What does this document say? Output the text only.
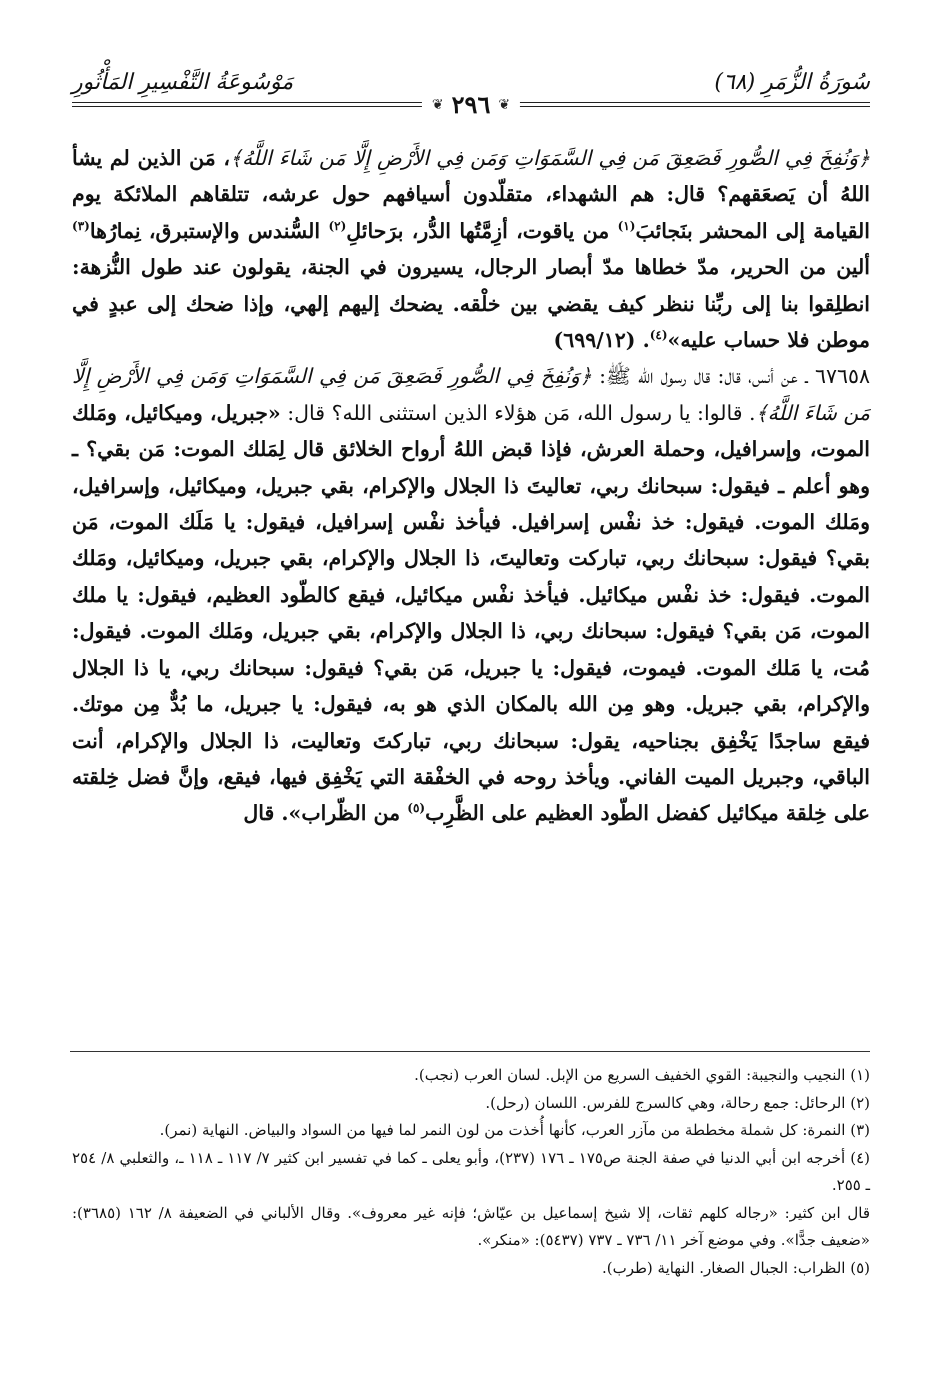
سُورَةُ الزُّمَرِ (٦٨)
مَوْسُوعَةُ التَّفْسِيرِ المَأْثُورِ
❦
٢٩٦
❦

﴿وَنُفِخَ فِي الصُّورِ فَصَعِقَ مَن فِي السَّمَوَاتِ وَمَن فِي الأَرْضِ إِلَّا مَن شَاءَ اللَّهُ﴾، مَن الذين لم يشأ اللهُ أن يَصعَقهم؟ قال: هم الشهداء، متقلّدون أسيافهم حول عرشه، تتلقاهم الملائكة يوم القيامة إلى المحشر بنَجائبَ$^{(١)}$ من ياقوت، أزِمَّتُها الدُّر، برَحائلِ$^{(٢)}$ السُّندس والإستبرق، نِمارُها$^{(٣)}$ ألين من الحرير، مدّ خطاها مدّ أبصار الرجال، يسيرون في الجنة، يقولون عند طول النُّزهة: انطلِقوا بنا إلى ربِّنا ننظر كيف يقضي بين خلْقه. يضحك إليهم إلهي، وإذا ضحك إلى عبدٍ في موطن فلا حساب عليه»$^{(٤)}$. (٦٩٩/١٢)

٦٧٦٥٨ ـ عن أنس، قال: قال رسول الله ﷺ: ﴿وَنُفِخَ فِي الصُّورِ فَصَعِقَ مَن فِي السَّمَوَاتِ وَمَن فِي الأَرْضِ إِلَّا مَن شَاءَ اللَّهُ﴾. قالوا: يا رسول الله، مَن هؤلاء الذين استثنى الله؟ قال: «جبريل، وميكائيل، ومَلك الموت، وإسرافيل، وحملة العرش، فإذا قبض اللهُ أرواح الخلائق قال لِمَلك الموت: مَن بقي؟ ـ وهو أعلم ـ فيقول: سبحانك ربي، تعاليتَ ذا الجلال والإكرام، بقي جبريل، وميكائيل، وإسرافيل، ومَلك الموت. فيقول: خذ نفْس إسرافيل. فيأخذ نفْس إسرافيل، فيقول: يا مَلَك الموت، مَن بقي؟ فيقول: سبحانك ربي، تباركت وتعاليتَ، ذا الجلال والإكرام، بقي جبريل، وميكائيل، ومَلك الموت. فيقول: خذ نفْس ميكائيل. فيأخذ نفْس ميكائيل، فيقع كالطّود العظيم، فيقول: يا ملك الموت، مَن بقي؟ فيقول: سبحانك ربي، ذا الجلال والإكرام، بقي جبريل، ومَلك الموت. فيقول: مُت، يا مَلك الموت. فيموت، فيقول: يا جبريل، مَن بقي؟ فيقول: سبحانك ربي، يا ذا الجلال والإكرام، بقي جبريل. وهو مِن الله بالمكان الذي هو به، فيقول: يا جبريل، ما بُدٌّ مِن موتك. فيقع ساجدًا يَخْفِق بجناحيه، يقول: سبحانك ربي، تباركتَ وتعاليت، ذا الجلال والإكرام، أنت الباقي، وجبريل الميت الفاني. ويأخذ روحه في الخفْقة التي يَخْفِق فيها، فيقع، وإنَّ فضل خِلقته على خِلقة ميكائيل كفضل الطّود العظيم على الظَّرِب$^{(٥)}$ من الظّراب». قال

(١) النجيب والنجيبة: القوي الخفيف السريع من الإبل. لسان العرب (نجب).

(٢) الرحائل: جمع رحالة، وهي كالسرج للفرس. اللسان (رحل).

(٣) النمرة: كل شملة مخططة من مآزر العرب، كأنها أُخذت من لون النمر لما فيها من السواد والبياض. النهاية (نمر).

(٤) أخرجه ابن أبي الدنيا في صفة الجنة ص١٧٥ ـ ١٧٦ (٢٣٧)، وأبو يعلى ـ كما في تفسير ابن كثير ٧/ ١١٧ ـ ١١٨ ـ، والثعلبي ٨/ ٢٥٤ ـ ٢٥٥.

قال ابن كثير: «رجاله كلهم ثقات، إلا شيخ إسماعيل بن عيّاش؛ فإنه غير معروف». وقال الألباني في الضعيفة ٨/ ١٦٢ (٣٦٨٥): «ضعيف جدًّا». وفي موضع آخر ١١/ ٧٣٦ ـ ٧٣٧ (٥٤٣٧): «منكر».

(٥) الظراب: الجبال الصغار. النهاية (طرب).
